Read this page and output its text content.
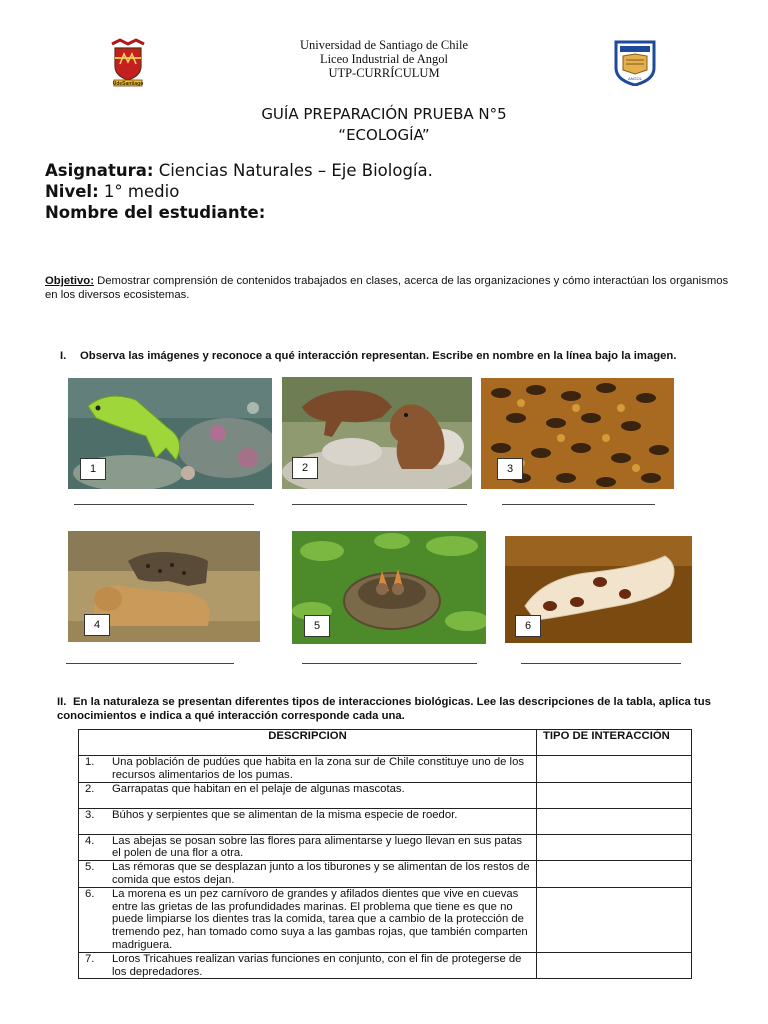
UdeSantiago
Universidad de Santiago de Chile
Liceo Industrial de Angol
UTP-CURRÍCULUM	ANGOL
GUÍA PREPARACIÓN PRUEBA N°5
“ECOLOGÍA”
Asignatura: Ciencias Naturales – Eje Biología.
Nivel: 1° medio
Nombre del estudiante:
Objetivo: Demostrar comprensión de contenidos trabajados en clases, acerca de las organizaciones y cómo interactúan los organismos en los diversos ecosistemas.
I. Observa las imágenes y reconoce a qué interacción representan. Escribe en nombre en la línea bajo la imagen.
1	2	3
4	5	6
II. En la naturaleza se presentan diferentes tipos de interacciones biológicas. Lee las descripciones de la tabla, aplica tus conocimientos e indica a qué interacción corresponde cada una.
DESCRIPCION		TIPO DE INTERACCIÓN
1.	Una población de pudúes que habita en la zona sur de Chile constituye uno de los recursos alimentarios de los pumas.	
2.	Garrapatas que habitan en el pelaje de algunas mascotas.	
3.	Búhos y serpientes que se alimentan de la misma especie de roedor.	
4.	Las abejas se posan sobre las flores para alimentarse y luego llevan en sus patas el polen de una flor a otra.	
5.	Las rémoras que se desplazan junto a los tiburones y se alimentan de los restos de comida que estos dejan.	
6.	La morena es un pez carnívoro de grandes y afilados dientes que vive en cuevas entre las grietas de las profundidades marinas. El problema que tiene es que no puede limpiarse los dientes tras la comida, tarea que a cambio de la protección de tremendo pez, han tomado como suya a las gambas rojas, que también comparten madriguera.	
7.	Loros Tricahues realizan varias funciones en conjunto, con el fin de protegerse de los depredadores.	
